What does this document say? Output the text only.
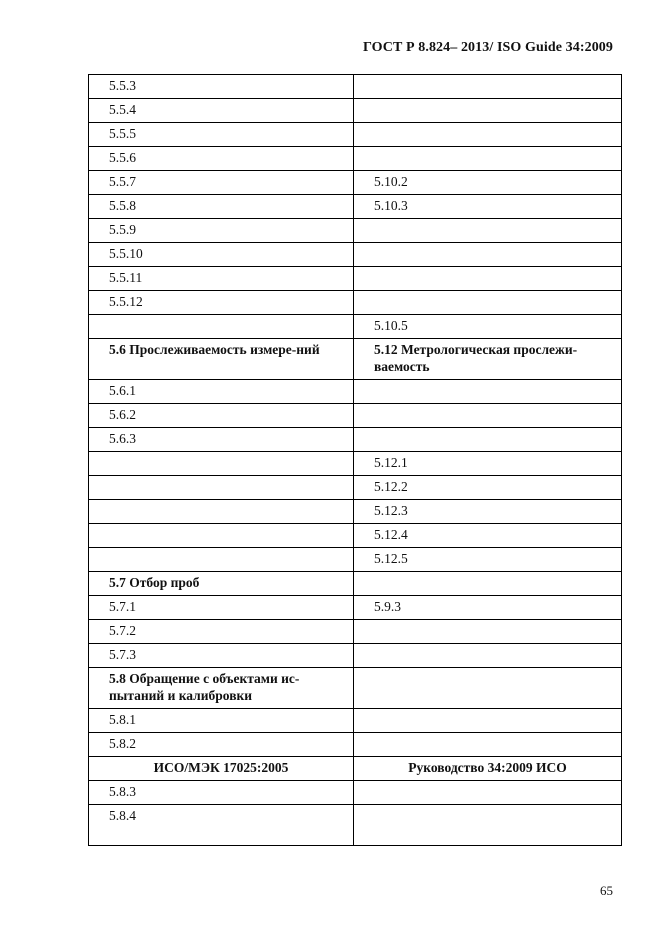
ГОСТ Р 8.824– 2013/ ISO Guide 34:2009
5.5.3	
5.5.4	
5.5.5	
5.5.6	
5.5.7	5.10.2
5.5.8	5.10.3
5.5.9	
5.5.10	
5.5.11	
5.5.12	
	5.10.5
5.6 Прослеживаемость измере-ний	5.12 Метрологическая прослежи-ваемость
5.6.1	
5.6.2	
5.6.3	
	5.12.1
	5.12.2
	5.12.3
	5.12.4
	5.12.5
5.7 Отбор проб	
5.7.1	5.9.3
5.7.2	
5.7.3	
5.8 Обращение с объектами ис-пытаний и калибровки	
5.8.1	
5.8.2	
ИСО/МЭК 17025:2005	Руководство 34:2009 ИСО
5.8.3	
5.8.4	
65
